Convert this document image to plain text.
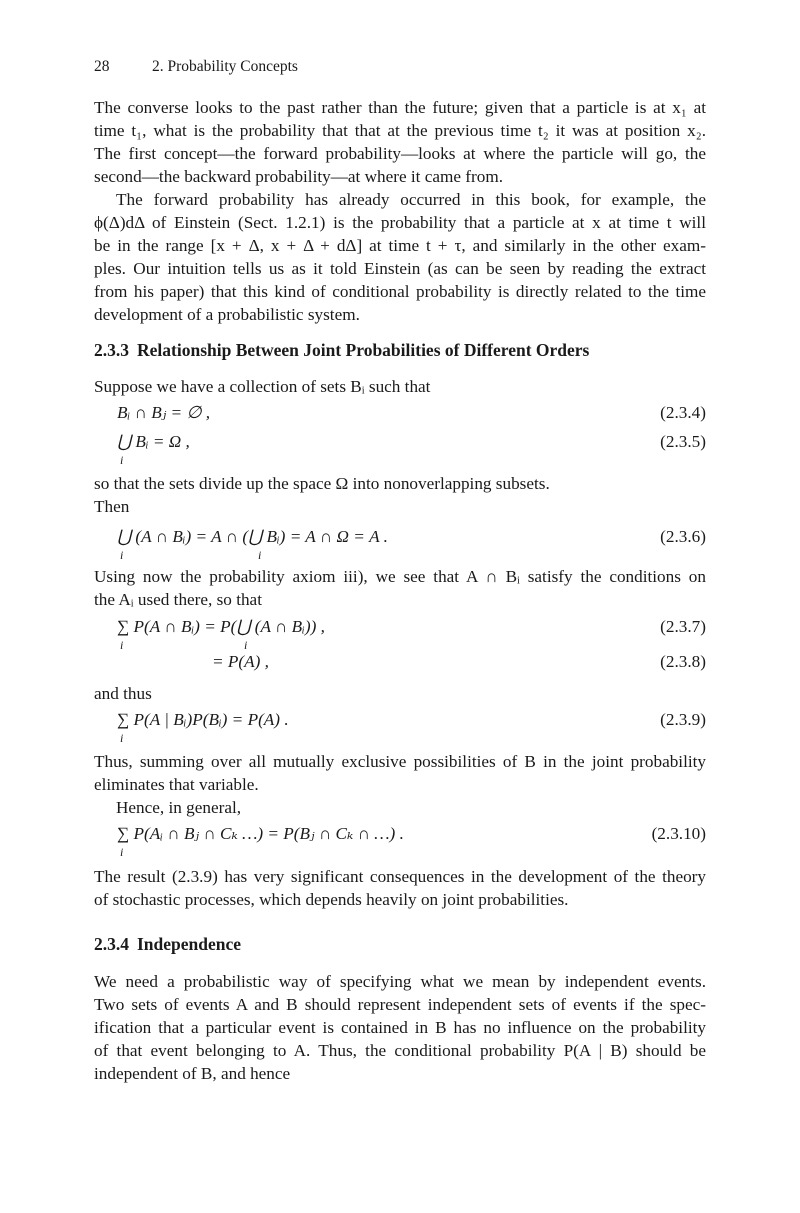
28	2. Probability Concepts
The converse looks to the past rather than the future; given that a particle is at x₁ at
time t₁, what is the probability that that at the previous time t₂ it was at position x₂.
The first concept—the forward probability—looks at where the particle will go, the
second—the backward probability—at where it came from.
The forward probability has already occurred in this book, for example, the
ϕ(Δ)dΔ of Einstein (Sect. 1.2.1) is the probability that a particle at x at time t will
be in the range [x + Δ, x + Δ + dΔ] at time t + τ, and similarly in the other exam-
ples. Our intuition tells us as it told Einstein (as can be seen by reading the extract
from his paper) that this kind of conditional probability is directly related to the time
development of a probabilistic system.
2.3.3 Relationship Between Joint Probabilities of Different Orders
Suppose we have a collection of sets Bᵢ such that
Bᵢ ∩ Bⱼ = ∅ ,	(2.3.4)
⋃ Bᵢ = Ω ,
i
(2.3.5)
so that the sets divide up the space Ω into nonoverlapping subsets.
Then
⋃ (A ∩ Bᵢ) = A ∩ (⋃ Bᵢ) = A ∩ Ω = A .
i	i
(2.3.6)
Using now the probability axiom iii), we see that A ∩ Bᵢ satisfy the conditions on
the Aᵢ used there, so that
∑ P(A ∩ Bᵢ) = P(⋃ (A ∩ Bᵢ)) ,
i	i
(2.3.7)
= P(A) ,	(2.3.8)
and thus
∑ P(A | Bᵢ)P(Bᵢ) = P(A) .
i
(2.3.9)
Thus, summing over all mutually exclusive possibilities of B in the joint probability
eliminates that variable.
Hence, in general,
∑ P(Aᵢ ∩ Bⱼ ∩ Cₖ …) = P(Bⱼ ∩ Cₖ ∩ …) .
i
(2.3.10)
The result (2.3.9) has very significant consequences in the development of the theory
of stochastic processes, which depends heavily on joint probabilities.
2.3.4 Independence
We need a probabilistic way of specifying what we mean by independent events.
Two sets of events A and B should represent independent sets of events if the spec-
ification that a particular event is contained in B has no influence on the probability
of that event belonging to A. Thus, the conditional probability P(A | B) should be
independent of B, and hence
